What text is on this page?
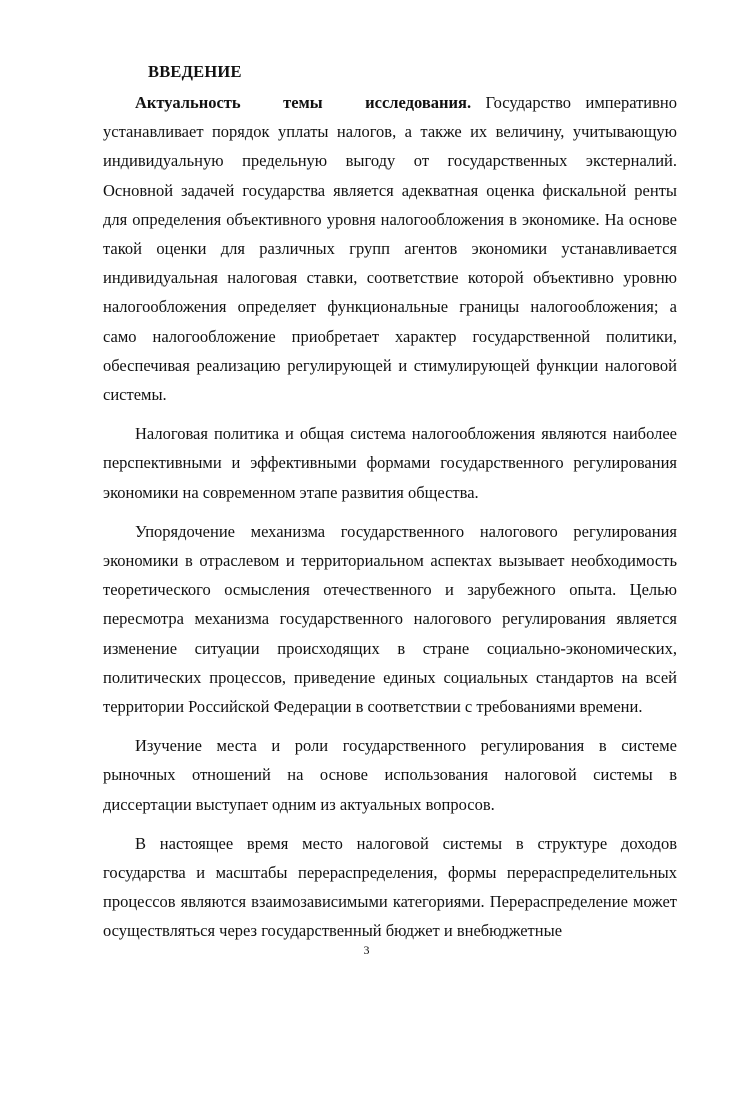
ВВЕДЕНИЕ

Актуальность темы исследования. Государство императивно устанавливает порядок уплаты налогов, а также их величину, учитывающую индивидуальную предельную выгоду от государственных экстерналий. Основной задачей государства является адекватная оценка фискальной ренты для определения объективного уровня налогообложения в экономике. На основе такой оценки для различных групп агентов экономики устанавливается индивидуальная налоговая ставки, соответствие которой объективно уровню налогообложения определяет функциональные границы налогообложения; а само налогообложение приобретает характер государственной политики, обеспечивая реализацию регулирующей и стимулирующей функции налоговой системы.

Налоговая политика и общая система налогообложения являются наиболее перспективными и эффективными формами государственного регулирования экономики на современном этапе развития общества.

Упорядочение механизма государственного налогового регулирования экономики в отраслевом и территориальном аспектах вызывает необходимость теоретического осмысления отечественного и зарубежного опыта. Целью пересмотра механизма государственного налогового регулирования является изменение ситуации происходящих в стране социально-экономических, политических процессов, приведение единых социальных стандартов на всей территории Российской Федерации в соответствии с требованиями времени.

Изучение места и роли государственного регулирования в системе рыночных отношений на основе использования налоговой системы в диссертации выступает одним из актуальных вопросов.

В настоящее время место налоговой системы в структуре доходов государства и масштабы перераспределения, формы перераспределительных процессов являются взаимозависимыми категориями. Перераспределение может осуществляться через государственный бюджет и внебюджетные

3
